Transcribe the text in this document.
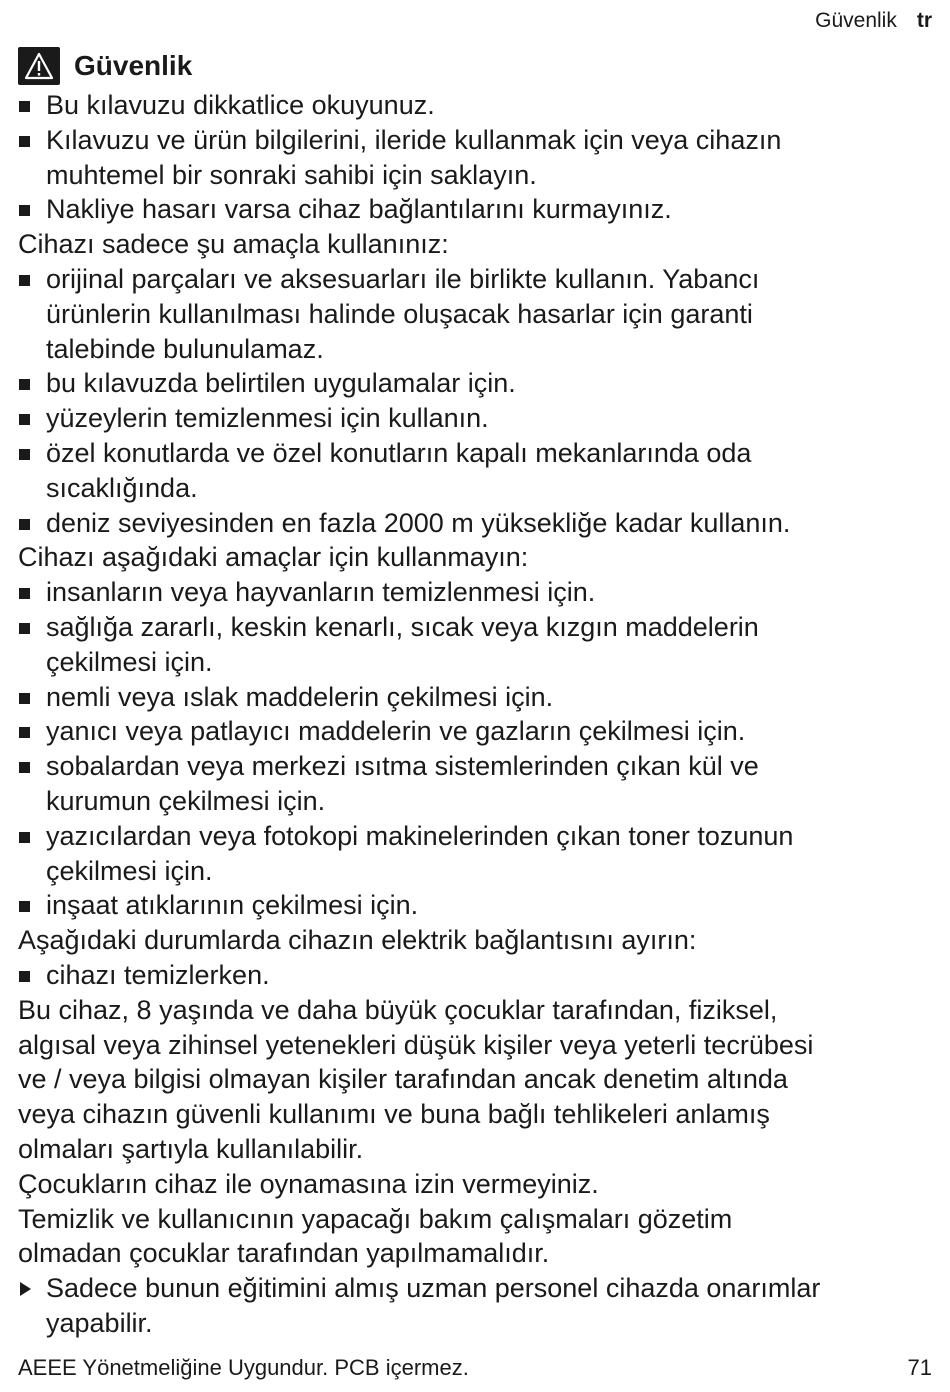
Güvenlik tr
Güvenlik
Bu kılavuzu dikkatlice okuyunuz.
Kılavuzu ve ürün bilgilerini, ileride kullanmak için veya cihazın
muhtemel bir sonraki sahibi için saklayın.
Nakliye hasarı varsa cihaz bağlantılarını kurmayınız.
Cihazı sadece şu amaçla kullanınız:
orijinal parçaları ve aksesuarları ile birlikte kullanın. Yabancı
ürünlerin kullanılması halinde oluşacak hasarlar için garanti
talebinde bulunulamaz.
bu kılavuzda belirtilen uygulamalar için.
yüzeylerin temizlenmesi için kullanın.
özel konutlarda ve özel konutların kapalı mekanlarında oda
sıcaklığında.
deniz seviyesinden en fazla 2000 m yüksekliğe kadar kullanın.
Cihazı aşağıdaki amaçlar için kullanmayın:
insanların veya hayvanların temizlenmesi için.
sağlığa zararlı, keskin kenarlı, sıcak veya kızgın maddelerin
çekilmesi için.
nemli veya ıslak maddelerin çekilmesi için.
yanıcı veya patlayıcı maddelerin ve gazların çekilmesi için.
sobalardan veya merkezi ısıtma sistemlerinden çıkan kül ve
kurumun çekilmesi için.
yazıcılardan veya fotokopi makinelerinden çıkan toner tozunun
çekilmesi için.
inşaat atıklarının çekilmesi için.
Aşağıdaki durumlarda cihazın elektrik bağlantısını ayırın:
cihazı temizlerken.
Bu cihaz, 8 yaşında ve daha büyük çocuklar tarafından, fiziksel,
algısal veya zihinsel yetenekleri düşük kişiler veya yeterli tecrübesi
ve / veya bilgisi olmayan kişiler tarafından ancak denetim altında
veya cihazın güvenli kullanımı ve buna bağlı tehlikeleri anlamış
olmaları şartıyla kullanılabilir.
Çocukların cihaz ile oynamasına izin vermeyiniz.
Temizlik ve kullanıcının yapacağı bakım çalışmaları gözetim
olmadan çocuklar tarafından yapılmamalıdır.
Sadece bunun eğitimini almış uzman personel cihazda onarımlar
yapabilir.
AEEE Yönetmeliğine Uygundur. PCB içermez.	71
